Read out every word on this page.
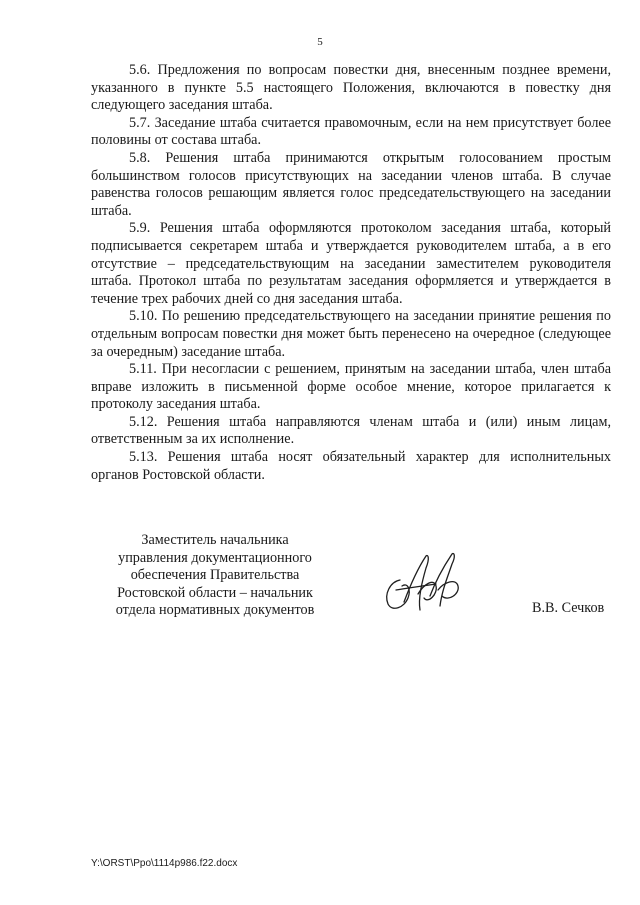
5

5.6. Предложения по вопросам повестки дня, внесенным позднее времени, указанного в пункте 5.5 настоящего Положения, включаются в повестку дня следующего заседания штаба.

5.7. Заседание штаба считается правомочным, если на нем присутствует более половины от состава штаба.

5.8. Решения штаба принимаются открытым голосованием простым большинством голосов присутствующих на заседании членов штаба. В случае равенства голосов решающим является голос председательствующего на заседании штаба.

5.9. Решения штаба оформляются протоколом заседания штаба, который подписывается секретарем штаба и утверждается руководителем штаба, а в его отсутствие – председательствующим на заседании заместителем руководителя штаба. Протокол штаба по результатам заседания оформляется и утверждается в течение трех рабочих дней со дня заседания штаба.

5.10. По решению председательствующего на заседании принятие решения по отдельным вопросам повестки дня может быть перенесено на очередное (следующее за очередным) заседание штаба.

5.11. При несогласии с решением, принятым на заседании штаба, член штаба вправе изложить в письменной форме особое мнение, которое прилагается к протоколу заседания штаба.

5.12. Решения штаба направляются членам штаба и (или) иным лицам, ответственным за их исполнение.

5.13. Решения штаба носят обязательный характер для исполнительных органов Ростовской области.

Заместитель начальника
управления документационного
обеспечения Правительства
Ростовской области – начальник
отдела нормативных документов	В.В. Сечков
Y:\ORST\Ppo\1114p986.f22.docx
